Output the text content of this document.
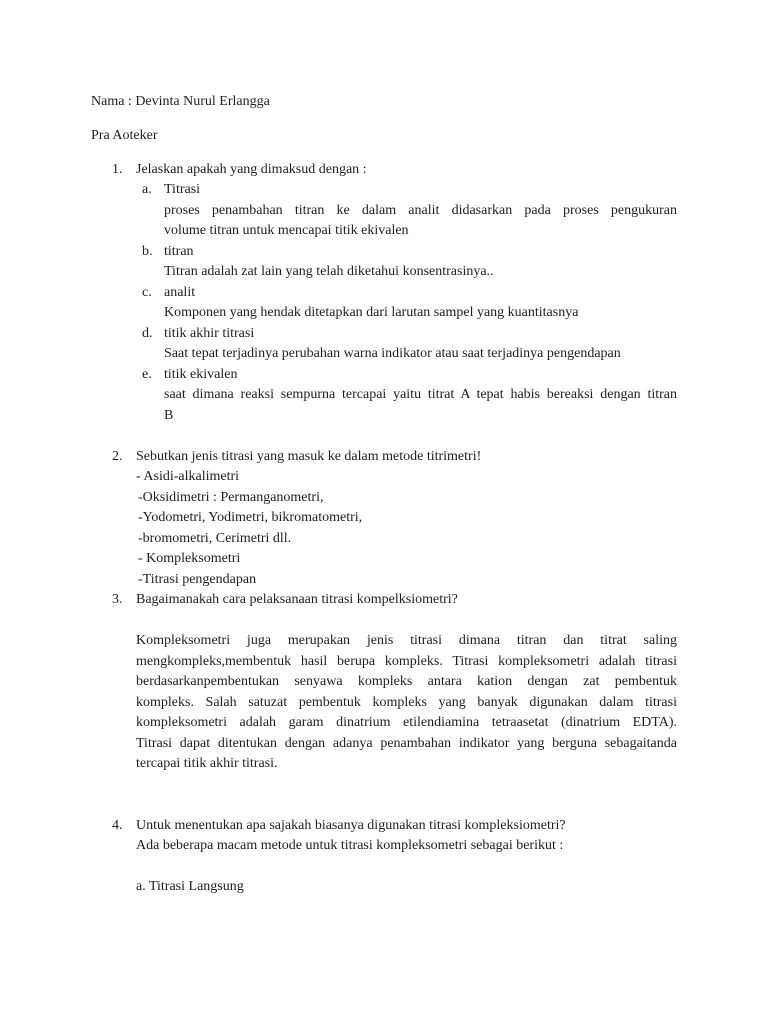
Nama : Devinta Nurul Erlangga
Pra Aoteker
1. Jelaskan apakah yang dimaksud dengan :
a. Titrasi
proses penambahan titran ke dalam analit didasarkan pada proses pengukuran
volume titran untuk mencapai titik ekivalen
b. titran
Titran adalah zat lain yang telah diketahui konsentrasinya..
c. analit
Komponen yang hendak ditetapkan dari larutan sampel yang kuantitasnya
d. titik akhir titrasi
Saat tepat terjadinya perubahan warna indikator atau saat terjadinya pengendapan
e. titik ekivalen
saat dimana reaksi sempurna tercapai yaitu titrat A tepat habis bereaksi dengan titran
B
2. Sebutkan jenis titrasi yang masuk ke dalam metode titrimetri!
- Asidi-alkalimetri
-Oksidimetri : Permanganometri,
-Yodometri, Yodimetri, bikromatometri,
-bromometri, Cerimetri dll.
- Kompleksometri
-Titrasi pengendapan
3. Bagaimanakah cara pelaksanaan titrasi kompelksiometri?
Kompleksometri juga merupakan jenis titrasi dimana titran dan titrat saling
mengkompleks,membentuk hasil berupa kompleks. Titrasi kompleksometri adalah titrasi
berdasarkanpembentukan senyawa kompleks antara kation dengan zat pembentuk
kompleks. Salah satuzat pembentuk kompleks yang banyak digunakan dalam titrasi
kompleksometri adalah garam dinatrium etilendiamina tetraasetat (dinatrium EDTA).
Titrasi dapat ditentukan dengan adanya penambahan indikator yang berguna sebagaitanda
tercapai titik akhir titrasi.
4. Untuk menentukan apa sajakah biasanya digunakan titrasi kompleksiometri?
Ada beberapa macam metode untuk titrasi kompleksometri sebagai berikut :
a. Titrasi Langsung
